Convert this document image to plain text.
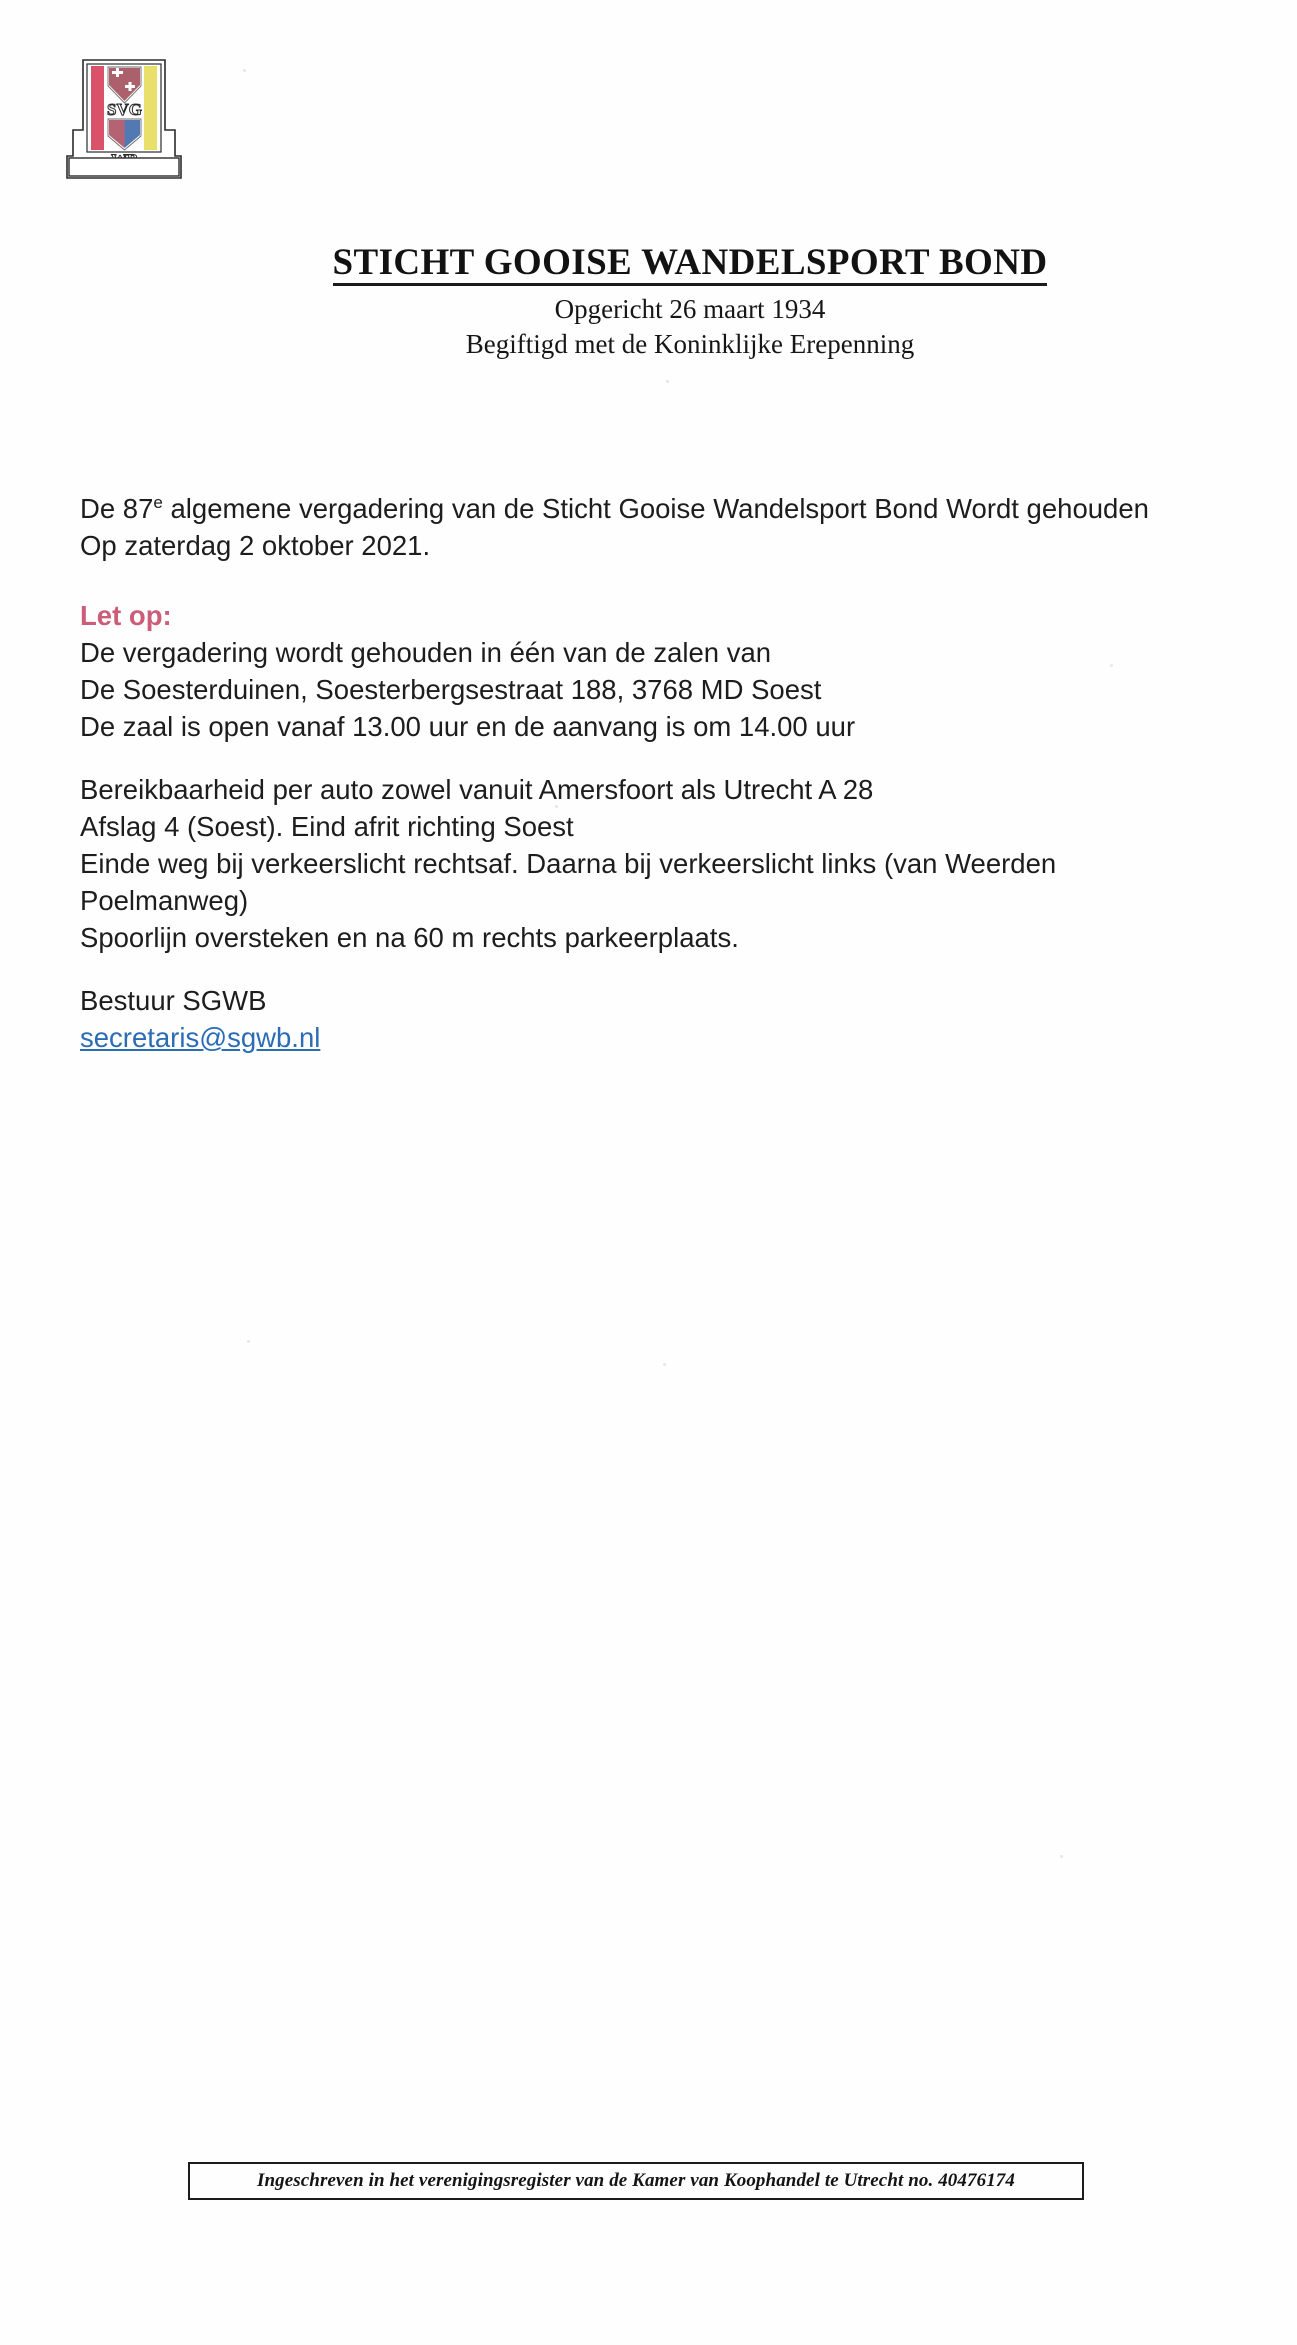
SVG
STICHT GOOISE WANDELSPORT BOND
Opgericht 26 maart 1934
Begiftigd met de Koninklijke Erepenning

De 87e algemene vergadering van de Sticht Gooise Wandelsport Bond Wordt gehouden

Op zaterdag 2 oktober 2021.

Let op:

De vergadering wordt gehouden in één van de zalen van

De Soesterduinen, Soesterbergsestraat 188, 3768 MD Soest

De zaal is open vanaf 13.00 uur en de aanvang is om 14.00 uur

Bereikbaarheid per auto zowel vanuit Amersfoort als Utrecht A 28

Afslag 4 (Soest). Eind afrit richting Soest

Einde weg bij verkeerslicht rechtsaf. Daarna bij verkeerslicht links (van Weerden Poelmanweg)

Spoorlijn oversteken en na 60 m rechts parkeerplaats.

Bestuur SGWB

secretaris@sgwb.nl

Ingeschreven in het verenigingsregister van de Kamer van Koophandel te Utrecht no. 40476174
